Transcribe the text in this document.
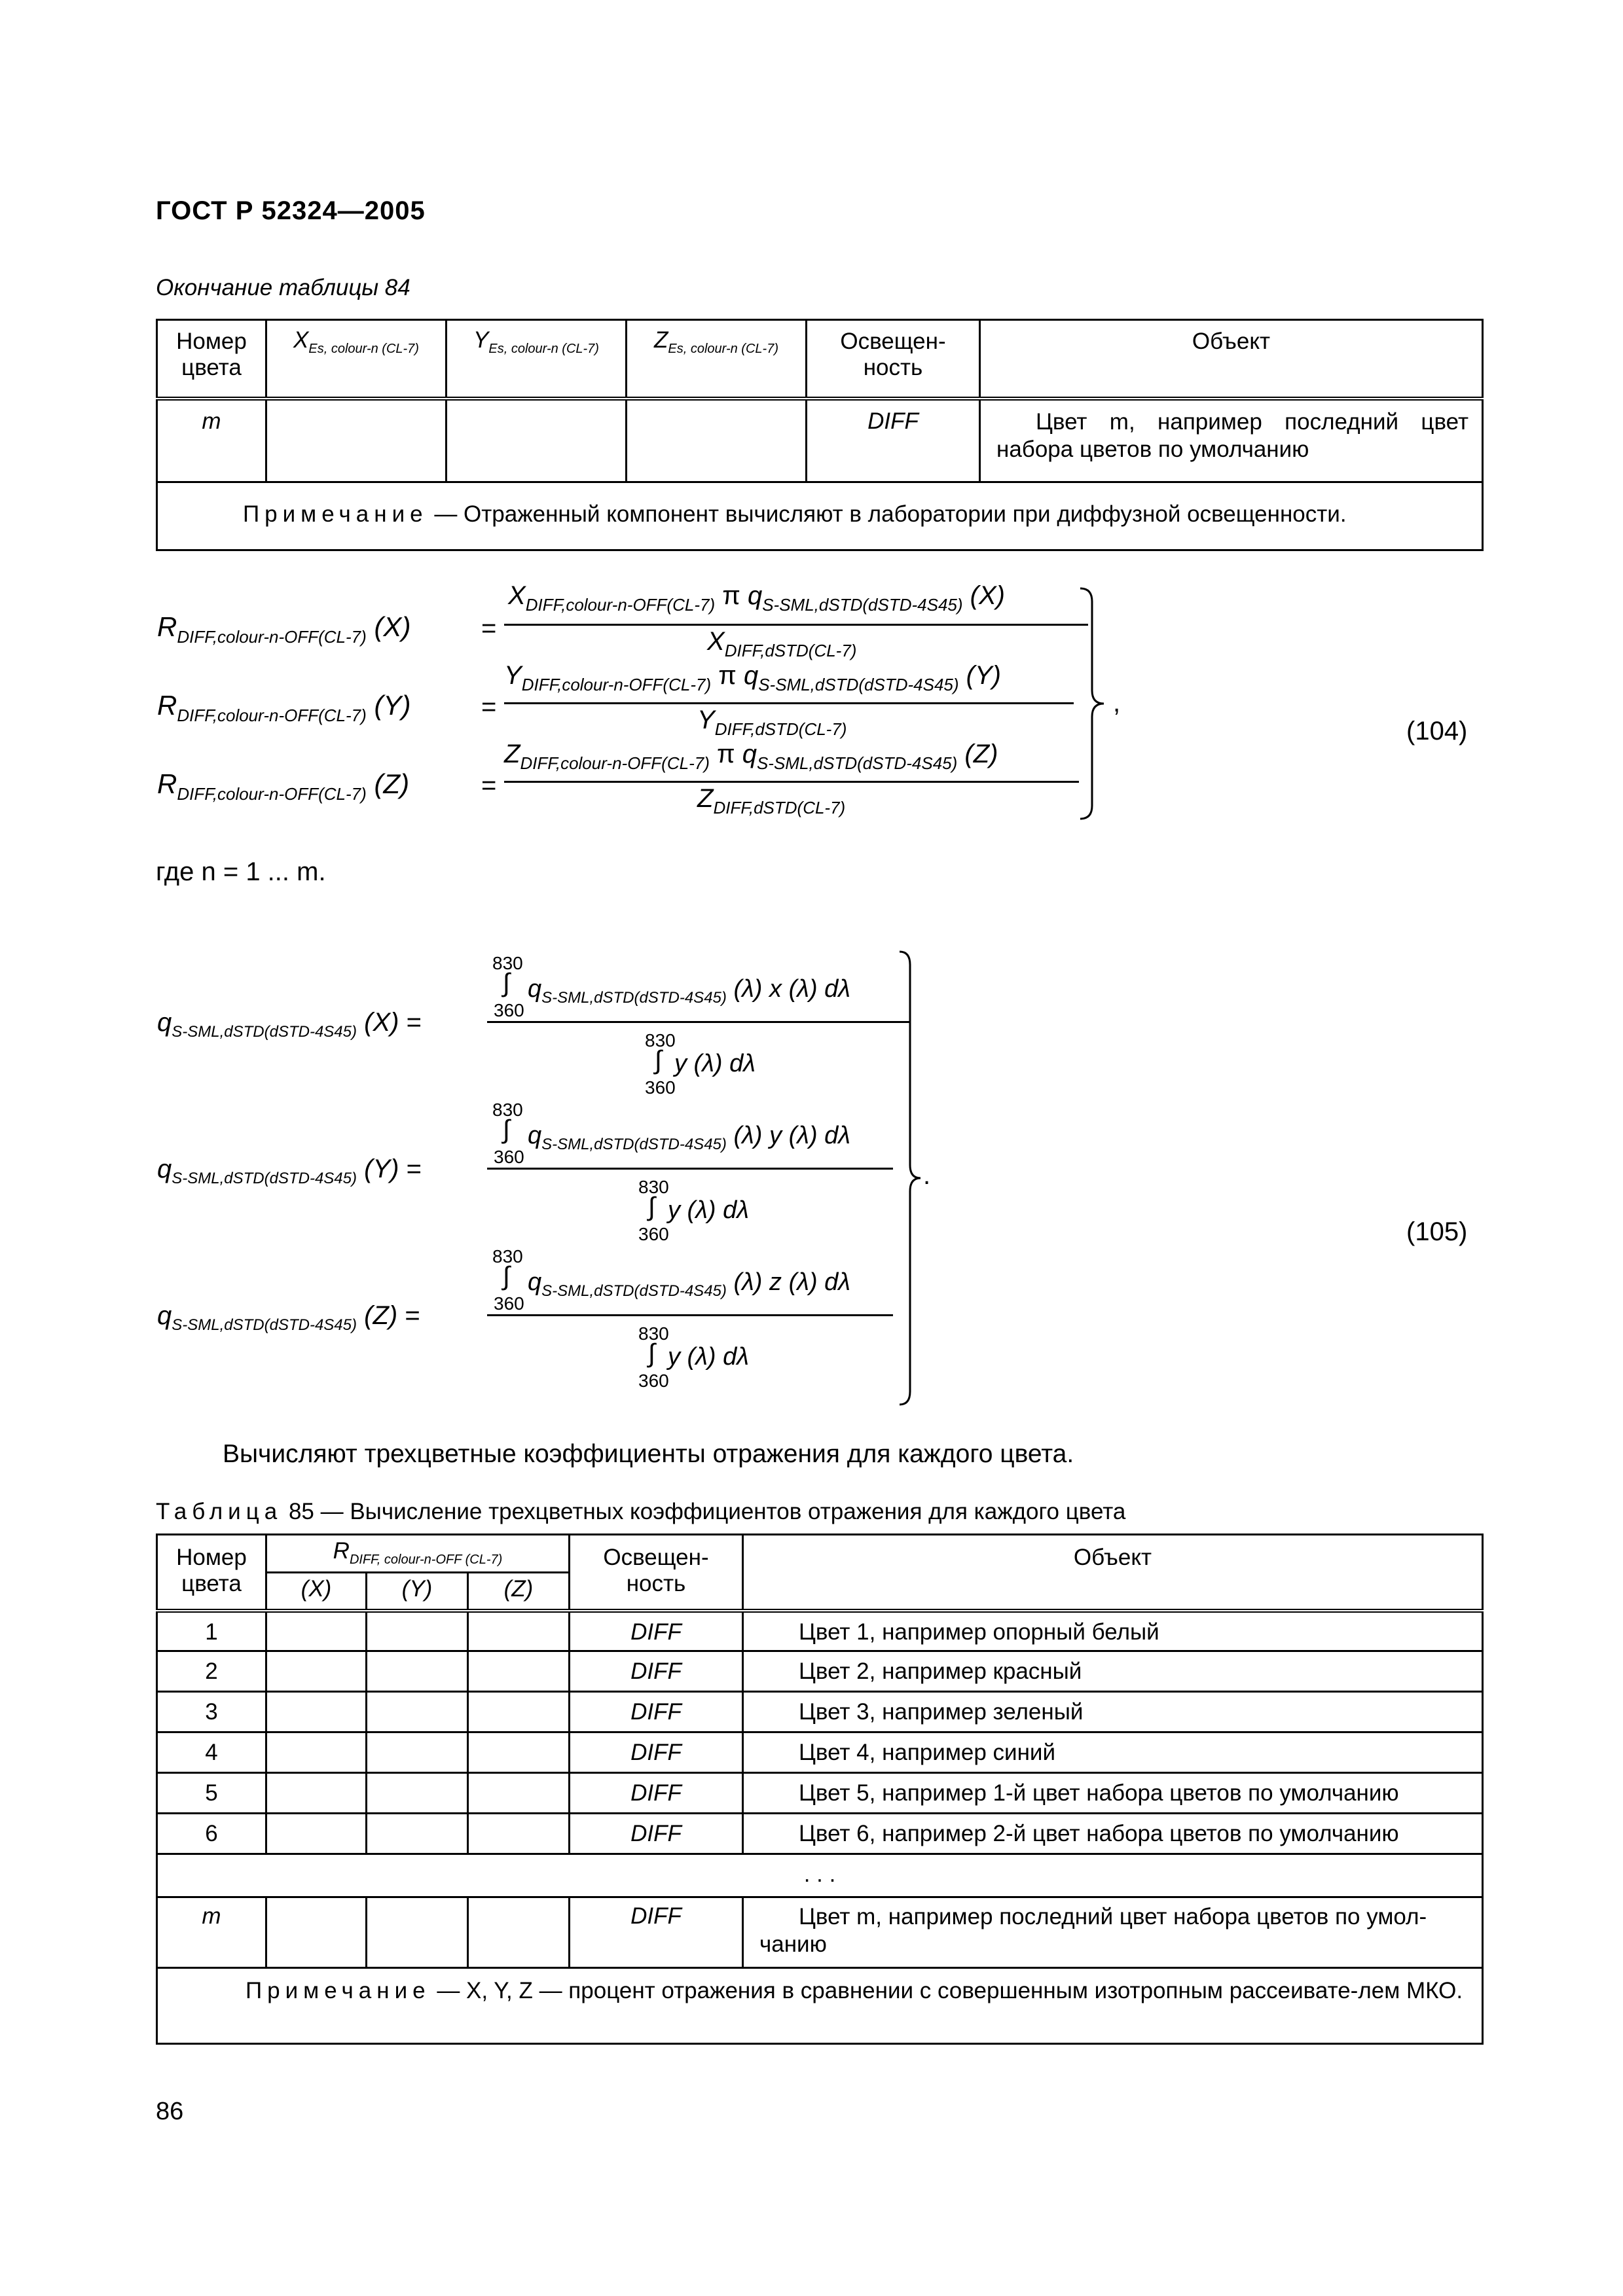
ГОСТ Р 52324—2005
Окончание таблицы 84
Номер цвета	$X_{Es, colour-n (CL-7)}$	$Y_{Es, colour-n (CL-7)}$	$Z_{Es, colour-n (CL-7)}$	Освещен-ность	Объект
m				DIFF	Цвет m, например последний цвет набора цветов по умолчанию
Примечание — Отраженный компонент вычисляют в лаборатории при диффузной освещенности.					
$R_{DIFF,colour-n-OFF(CL-7)}$ (X)	=
$X_{DIFF,colour-n-OFF(CL-7)}$ π $q_{S-SML,dSTD(dSTD-4S45)}$ (X)
$X_{DIFF,dSTD(CL-7)}$
$R_{DIFF,colour-n-OFF(CL-7)}$ (Y)	=
$Y_{DIFF,colour-n-OFF(CL-7)}$ π $q_{S-SML,dSTD(dSTD-4S45)}$ (Y)
$Y_{DIFF,dSTD(CL-7)}$
$R_{DIFF,colour-n-OFF(CL-7)}$ (Z)	=
$Z_{DIFF,colour-n-OFF(CL-7)}$ π $q_{S-SML,dSTD(dSTD-4S45)}$ (Z)
$Z_{DIFF,dSTD(CL-7)}$
,
(104)
где n = 1 ... m.
830
∫ $q_{S-SML,dSTD(dSTD-4S45)}$ (λ) x (λ) dλ
360
$q_{S-SML,dSTD(dSTD-4S45)}$ (X) =
830
∫ y (λ) dλ
360
830
∫ $q_{S-SML,dSTD(dSTD-4S45)}$ (λ) y (λ) dλ
360
$q_{S-SML,dSTD(dSTD-4S45)}$ (Y) =
830
∫ y (λ) dλ
360
830
∫ $q_{S-SML,dSTD(dSTD-4S45)}$ (λ) z (λ) dλ
360
$q_{S-SML,dSTD(dSTD-4S45)}$ (Z) =
830
∫ y (λ) dλ
360
.
(105)
Вычисляют трехцветные коэффициенты отражения для каждого цвета.
Таблица 85 — Вычисление трехцветных коэффициентов отражения для каждого цвета
Номер цвета	$R_{DIFF, colour-n-OFF (CL-7)}$			Освещен-ность	Объект
	(X)	(Y)	(Z)		
1				DIFF	Цвет 1, например опорный белый
2				DIFF	Цвет 2, например красный
3				DIFF	Цвет 3, например зеленый
4				DIFF	Цвет 4, например синий
5				DIFF	Цвет 5, например 1-й цвет набора цветов по умолчанию
6				DIFF	Цвет 6, например 2-й цвет набора цветов по умолчанию
. . .					
m				DIFF	Цвет m, например последний цвет набора цветов по умол-чанию
Примечание — X, Y, Z — процент отражения в сравнении с совершенным изотропным рассеивате-лем МКО.					
86
